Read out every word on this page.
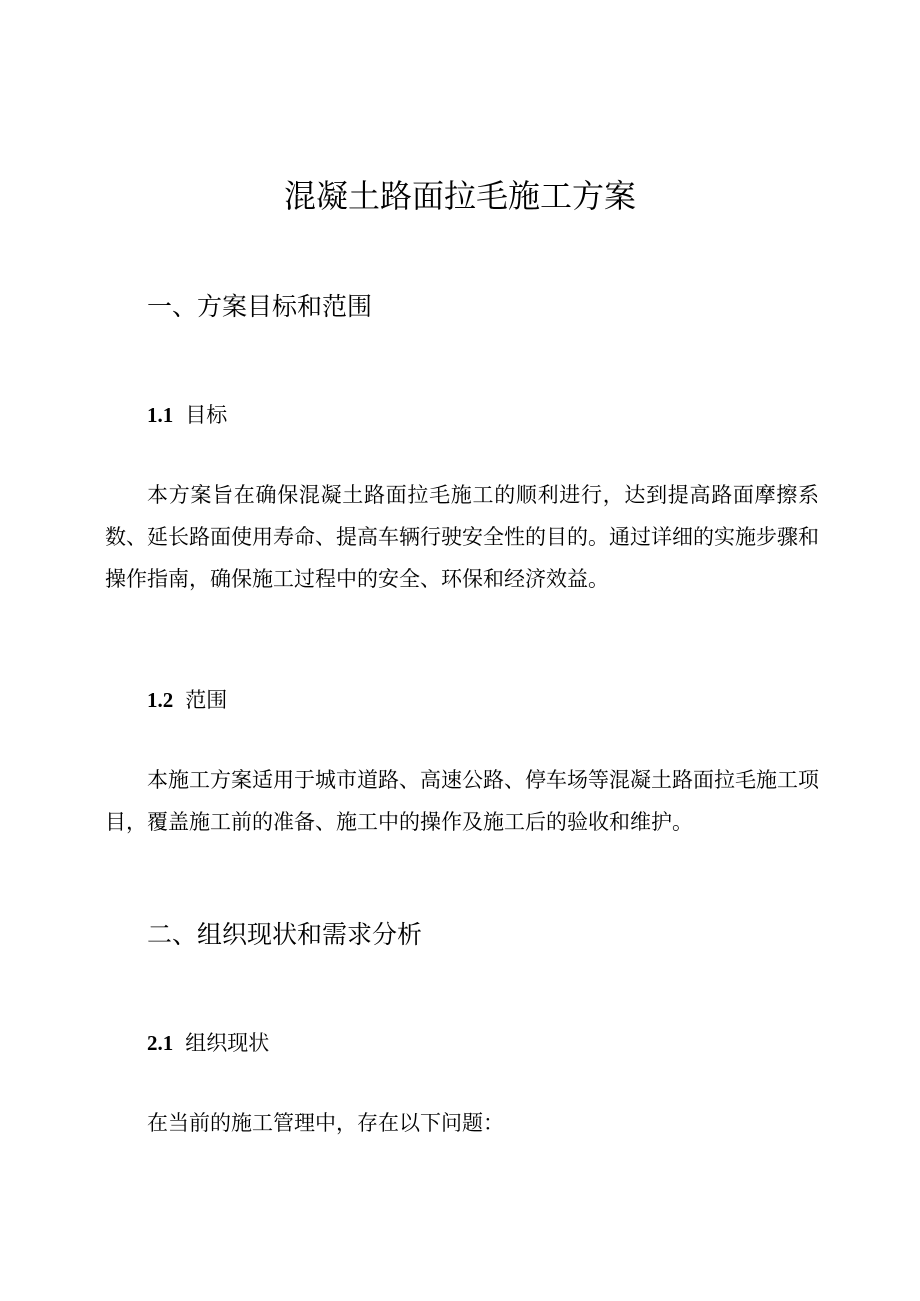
混凝土路面拉毛施工方案
一、方案目标和范围
1.1 目标

本方案旨在确保混凝土路面拉毛施工的顺利进行，达到提高路面摩擦系数、延长路面使用寿命、提高车辆行驶安全性的目的。通过详细的实施步骤和操作指南，确保施工过程中的安全、环保和经济效益。

1.2 范围

本施工方案适用于城市道路、高速公路、停车场等混凝土路面拉毛施工项目，覆盖施工前的准备、施工中的操作及施工后的验收和维护。

二、组织现状和需求分析
2.1 组织现状

在当前的施工管理中，存在以下问题：
